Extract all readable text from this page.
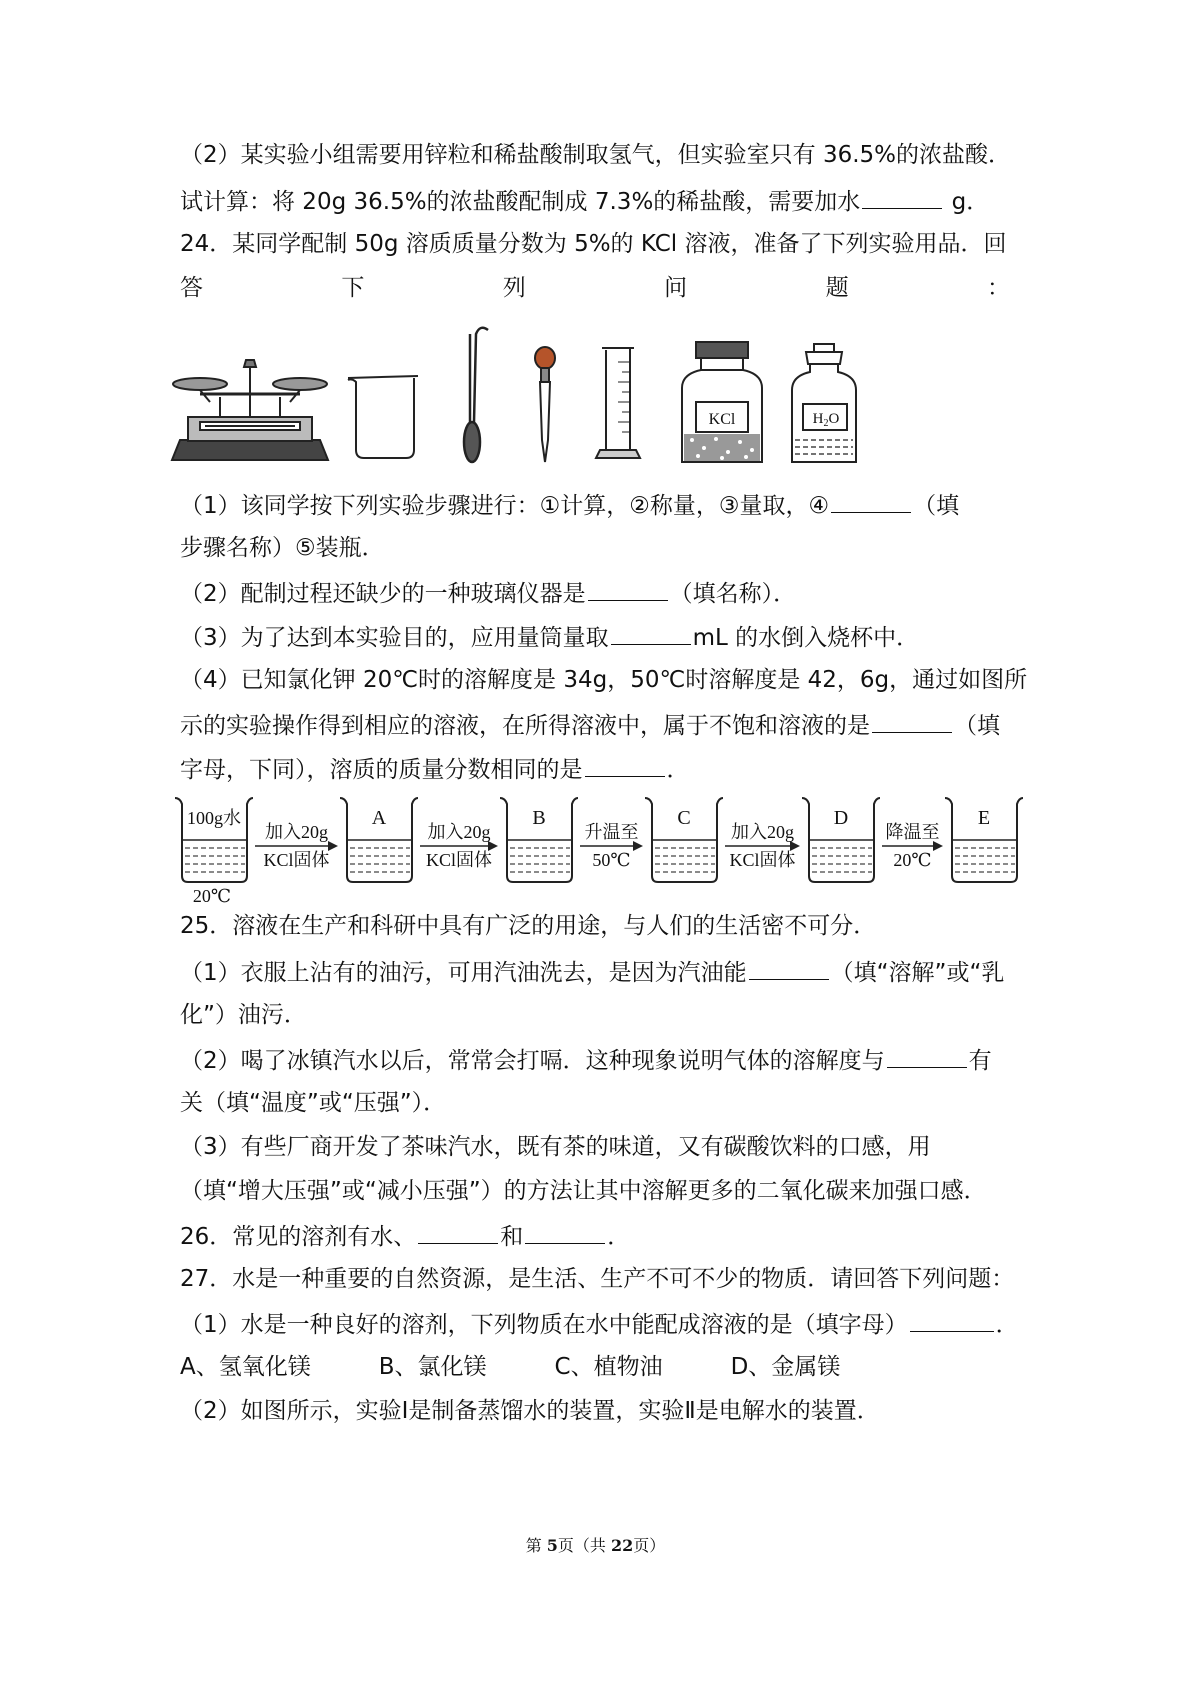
（2）某实验小组需要用锌粒和稀盐酸制取氢气，但实验室只有 36.5%的浓盐酸．
试计算：将 20g 36.5%的浓盐酸配制成 7.3%的稀盐酸，需要加水	g．
24．某同学配制 50g 溶质质量分数为 5%的 KCl 溶液，准备了下列实验用品．回
答	下	列	问	题	：
KCl	$H_2O$
（1）该同学按下列实验步骤进行：①计算，②称量，③量取，④	（填
步骤名称）⑤装瓶．
（2）配制过程还缺少的一种玻璃仪器是	（填名称）．
（3）为了达到本实验目的，应用量筒量取	mL 的水倒入烧杯中．
（4）已知氯化钾 20℃时的溶解度是 34g，50℃时溶解度是 42，6g，通过如图所
示的实验操作得到相应的溶液，在所得溶液中，属于不饱和溶液的是	（填
字母，下同），溶质的质量分数相同的是	．
100g水	A	B	C	D	E
20℃
加入20g
KCl固体
加入20g
KCl固体
升温至
50℃
加入20g
KCl固体
降温至
20℃
25．溶液在生产和科研中具有广泛的用途，与人们的生活密不可分．
（1）衣服上沾有的油污，可用汽油洗去，是因为汽油能	（填“溶解”或“乳
化”）油污．
（2）喝了冰镇汽水以后，常常会打嗝．这种现象说明气体的溶解度与	有
关（填“温度”或“压强”）．
（3）有些厂商开发了茶味汽水，既有茶的味道，又有碳酸饮料的口感，用
（填“增大压强”或“减小压强”）的方法让其中溶解更多的二氧化碳来加强口感．
26．常见的溶剂有水、	和	．
27．水是一种重要的自然资源，是生活、生产不可不少的物质．请回答下列问题：
（1）水是一种良好的溶剂，下列物质在水中能配成溶液的是（填字母）	．
A、氢氧化镁	B、氯化镁	C、植物油	D、金属镁
（2）如图所示，实验Ⅰ是制备蒸馏水的装置，实验Ⅱ是电解水的装置．
第 5页（共 22页）
